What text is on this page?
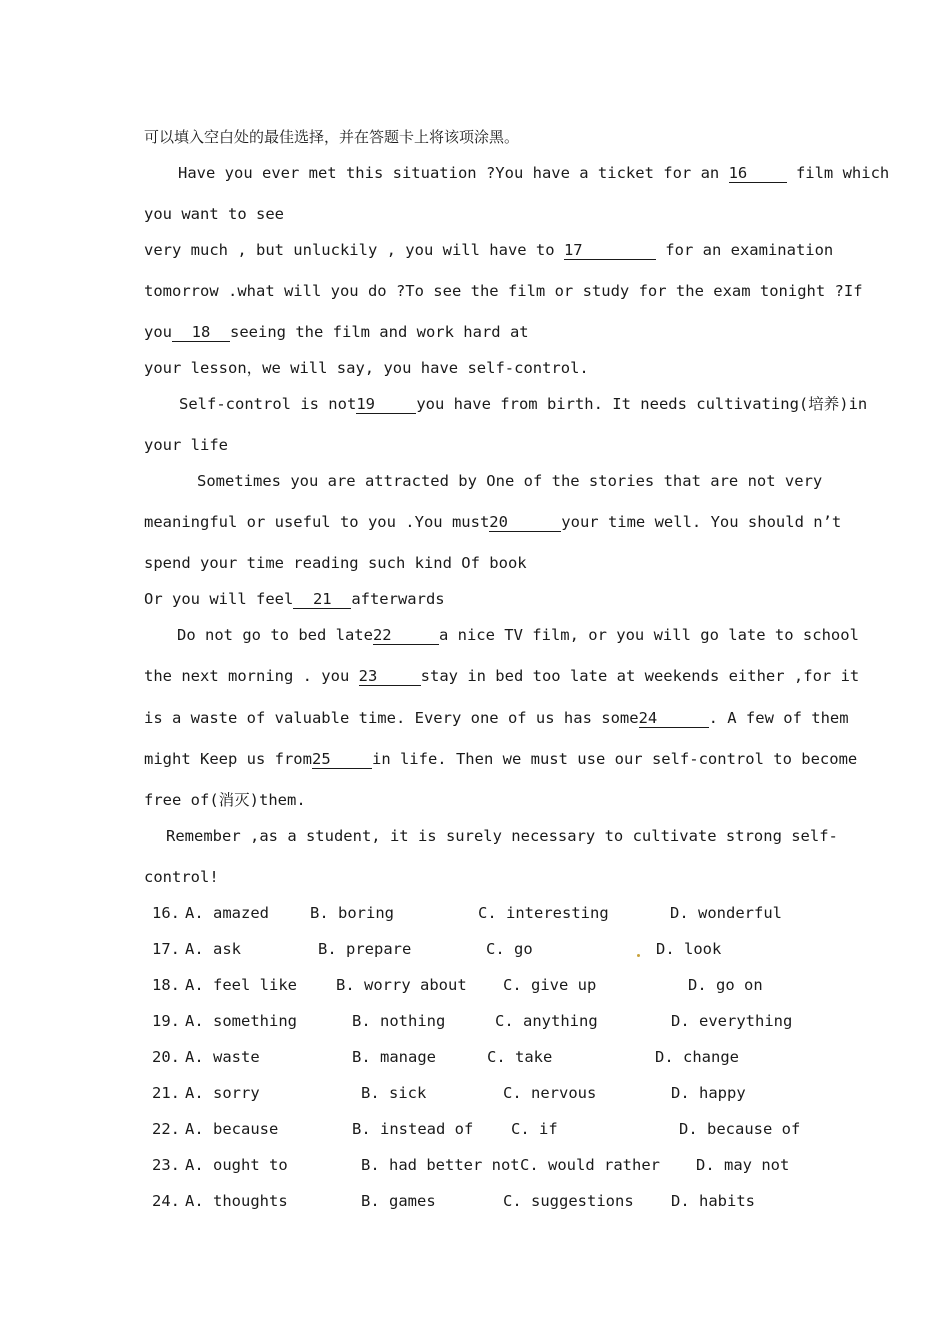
可以填入空白处的最佳选择，并在答题卡上将该项涂黑。
Have you ever met this situation ?You have a ticket for an 16	film which
you want to see
very much , but unluckily , you will have to 17	for an examination
tomorrow .what will you do ?To see the film or study for the exam tonight ?If
you 18 seeing the film and work hard at
your lesson，we will say, you have self-control.
Self-control is not19	you have from birth. It needs cultivating(培养)in
your life
Sometimes you are attracted by One of the stories that are not very
meaningful or useful to you .You must20	your time well. You should n’t
spend your time reading such kind Of book
Or you will feel 21 afterwards
Do not go to bed late22	a nice TV film, or you will go late to school
the next morning . you 23	stay in bed too late at weekends either ,for it
is a waste of valuable time. Every one of us has some24	. A few of them
might Keep us from25	in life. Then we must use our self-control to become
free of(消灭)them.
Remember ,as a student, it is surely necessary to cultivate strong self-
control!
16. A. amazed	B. boring	C. interesting	D. wonderful
17. A. ask	B. prepare	C. go	D. look
18. A. feel like	B. worry about C. give up	D. go on
19. A. something	B. nothing	C. anything	D. everything
20. A. waste	B. manage	C. take	D. change
21. A. sorry	B. sick	C. nervous	D. happy
22. A. because	B. instead of C. if	D. because of
23. A. ought to	B. had better not C. would rather D. may not
24. A. thoughts	B. games	C. suggestions D. habits
